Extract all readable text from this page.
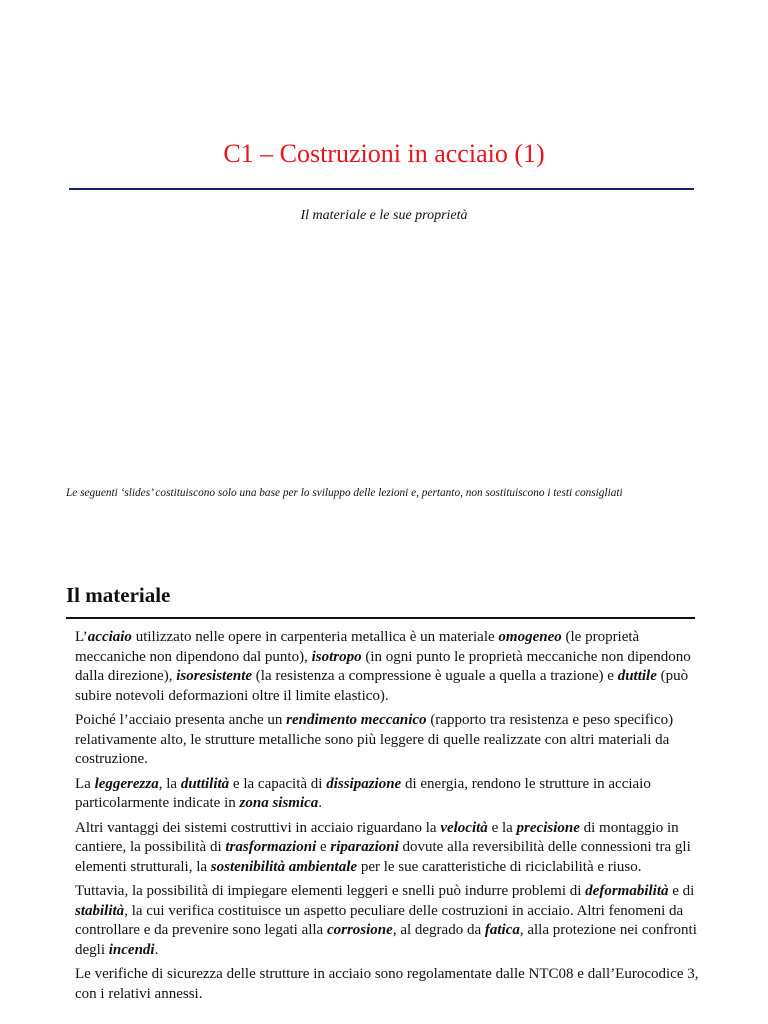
C1 – Costruzioni in acciaio (1)
Il materiale e le sue proprietà
Le seguenti ‘slides’ costituiscono solo una base per lo sviluppo delle lezioni e, pertanto, non sostituiscono i testi consigliati
Il materiale

L’acciaio utilizzato nelle opere in carpenteria metallica è un materiale omogeneo (le proprietà meccaniche non dipendono dal punto), isotropo (in ogni punto le proprietà meccaniche non dipendono dalla direzione), isoresistente (la resistenza a compressione è uguale a quella a trazione) e duttile (può subire notevoli deformazioni oltre il limite elastico).

Poiché l’acciaio presenta anche un rendimento meccanico (rapporto tra resistenza e peso specifico) relativamente alto, le strutture metalliche sono più leggere di quelle realizzate con altri materiali da costruzione.

La leggerezza, la duttilità e la capacità di dissipazione di energia, rendono le strutture in acciaio particolarmente indicate in zona sismica.

Altri vantaggi dei sistemi costruttivi in acciaio riguardano la velocità e la precisione di montaggio in cantiere, la possibilità di trasformazioni e riparazioni dovute alla reversibilità delle connessioni tra gli elementi strutturali, la sostenibilità ambientale per le sue caratteristiche di riciclabilità e riuso.

Tuttavia, la possibilità di impiegare elementi leggeri e snelli può indurre problemi di deformabilità e di stabilità, la cui verifica costituisce un aspetto peculiare delle costruzioni in acciaio. Altri fenomeni da controllare e da prevenire sono legati alla corrosione, al degrado da fatica, alla protezione nei confronti degli incendi.

Le verifiche di sicurezza delle strutture in acciaio sono regolamentate dalle NTC08 e dall’Eurocodice 3, con i relativi annessi.
